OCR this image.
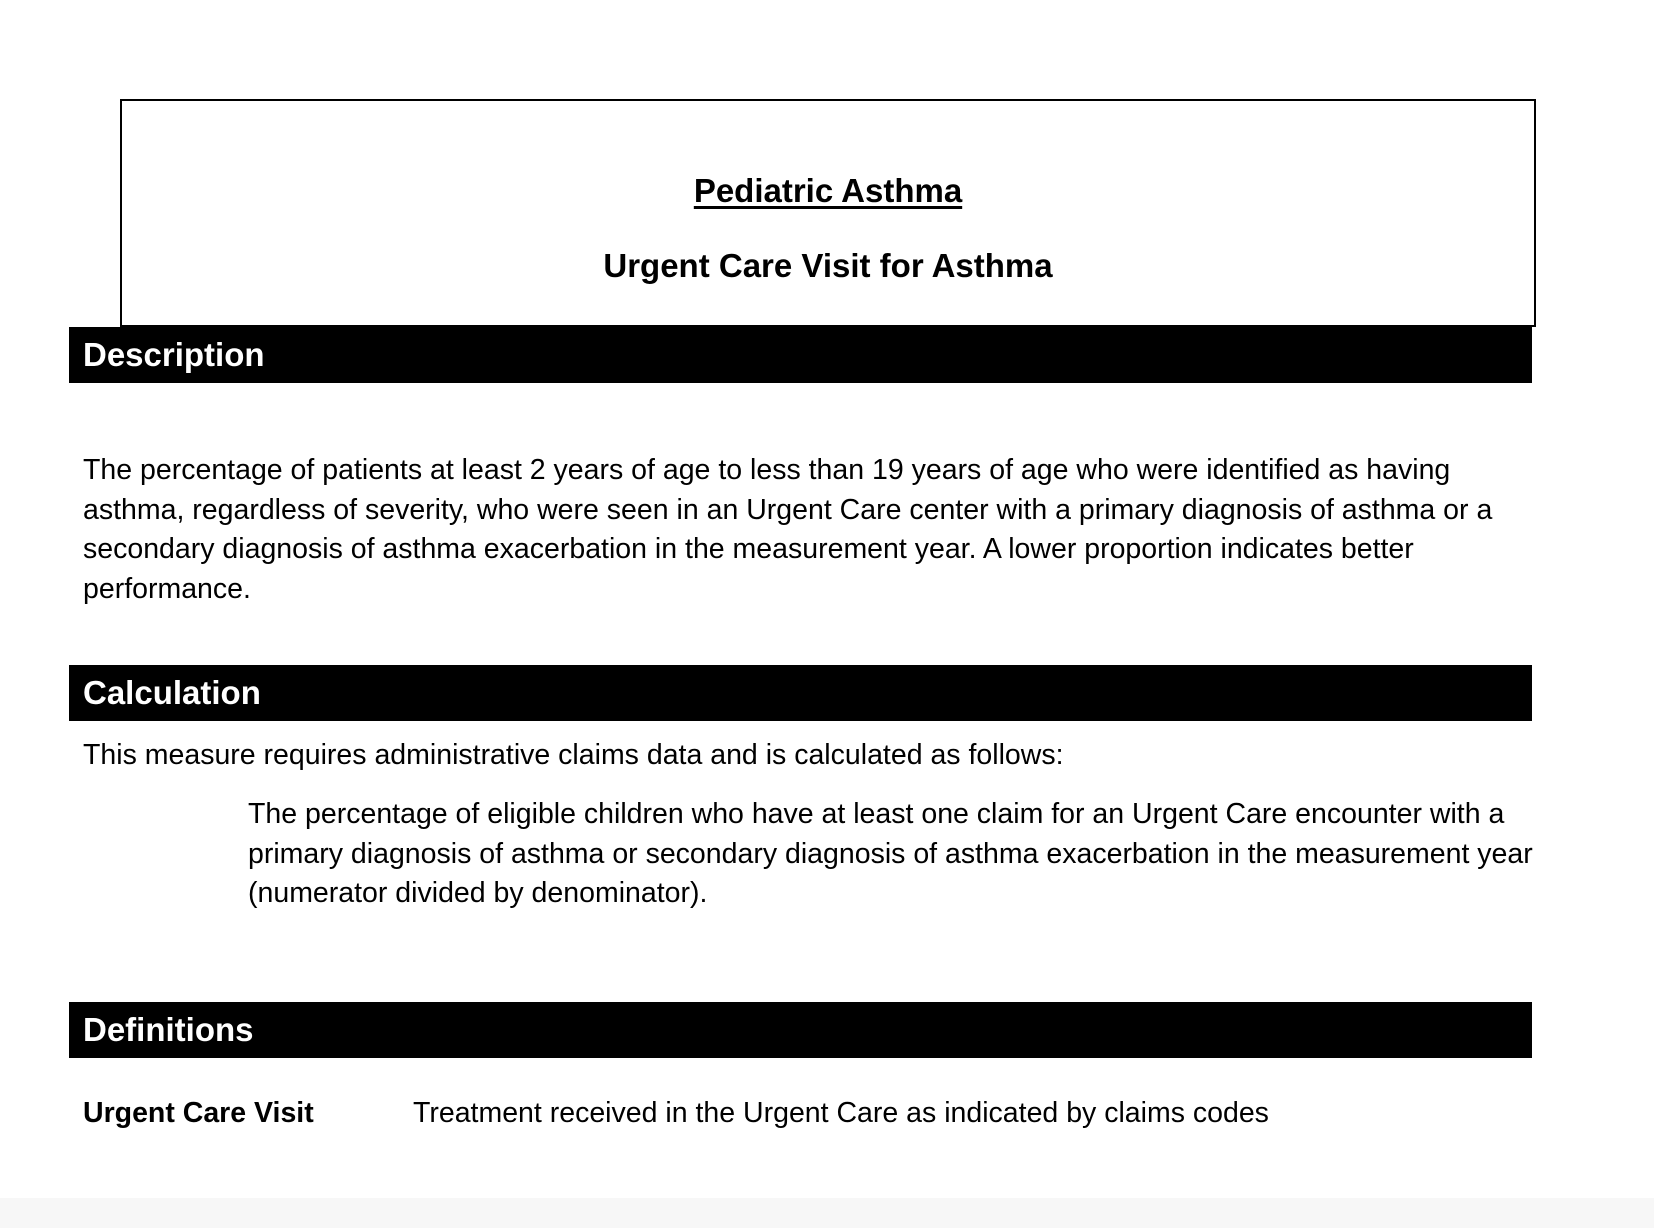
Pediatric Asthma
Urgent Care Visit for Asthma
Description
The percentage of patients at least 2 years of age to less than 19 years of age who were identified as having asthma, regardless of severity, who were seen in an Urgent Care center with a primary diagnosis of asthma or a secondary diagnosis of asthma exacerbation in the measurement year. A lower proportion indicates better performance.
Calculation
This measure requires administrative claims data and is calculated as follows:
The percentage of eligible children who have at least one claim for an Urgent Care encounter with a primary diagnosis of asthma or secondary diagnosis of asthma exacerbation in the measurement year (numerator divided by denominator).
Definitions
Urgent Care Visit	Treatment received in the Urgent Care as indicated by claims codes
